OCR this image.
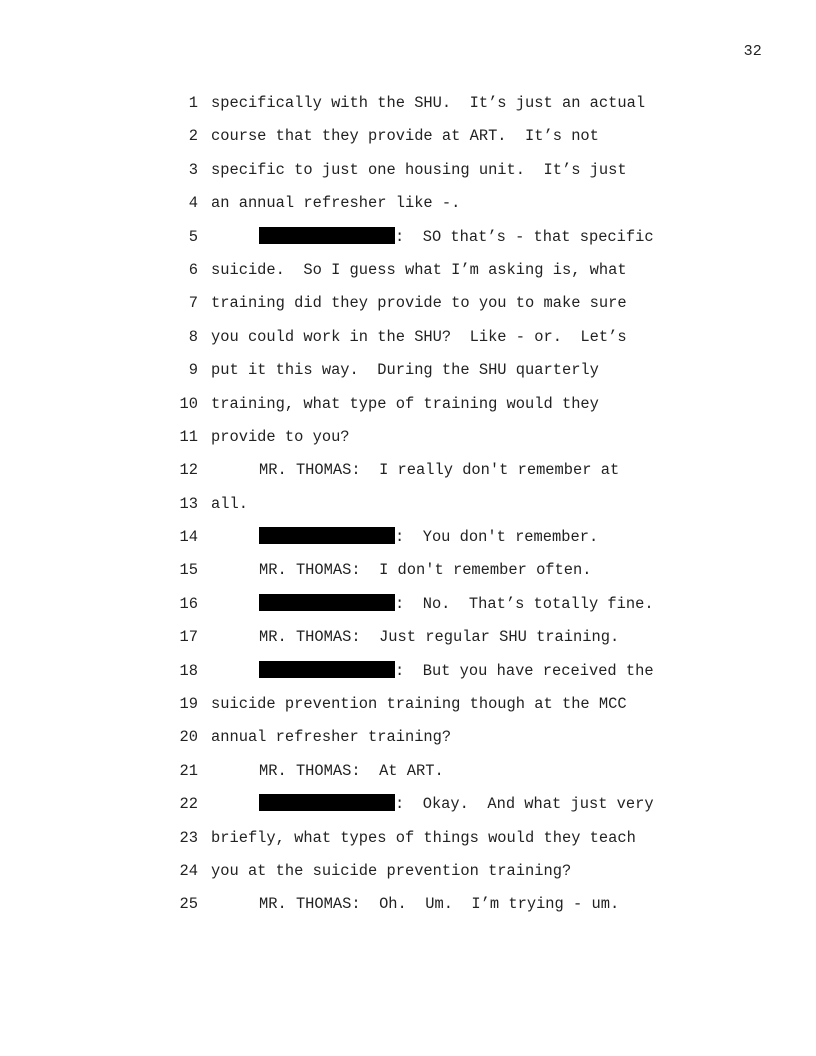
32
1 specifically with the SHU.  It’s just an actual
2 course that they provide at ART.  It’s not
3 specific to just one housing unit.  It’s just
4 an annual refresher like -.
5	:  SO that’s - that specific
6 suicide.  So I guess what I’m asking is, what
7 training did they provide to you to make sure
8 you could work in the SHU?  Like - or.  Let’s
9 put it this way.  During the SHU quarterly
10 training, what type of training would they
11 provide to you?
12	MR. THOMAS:  I really don't remember at
13 all.
14	:  You don't remember.
15	MR. THOMAS:  I don't remember often.
16	:  No.  That’s totally fine.
17	MR. THOMAS:  Just regular SHU training.
18	:  But you have received the
19 suicide prevention training though at the MCC
20 annual refresher training?
21	MR. THOMAS:  At ART.
22	:  Okay.  And what just very
23 briefly, what types of things would they teach
24 you at the suicide prevention training?
25	MR. THOMAS:  Oh.  Um.  I’m trying - um.
